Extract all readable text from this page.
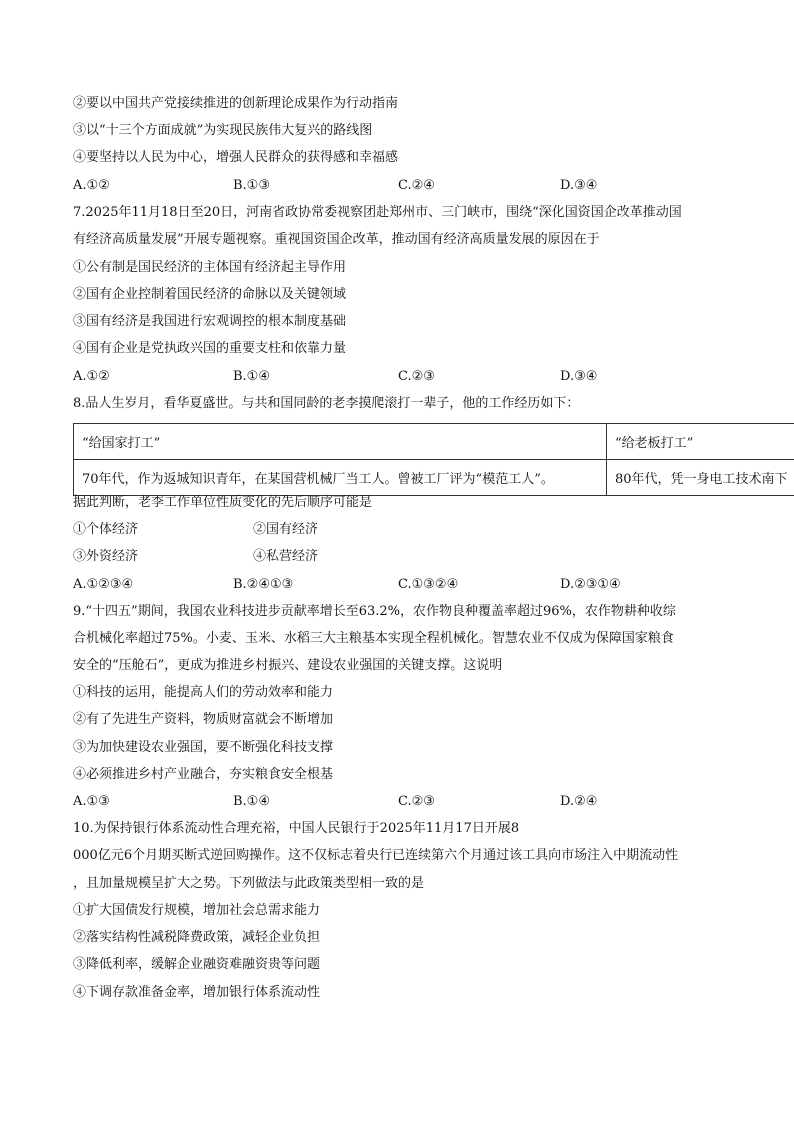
②要以中国共产党接续推进的创新理论成果作为行动指南
③以“十三个方面成就”为实现民族伟大复兴的路线图
④要坚持以人民为中心，增强人民群众的获得感和幸福感
A.①②	B.①③	C.②④	D.③④
7.2025年11月18日至20日，河南省政协常委视察团赴郑州市、三门峡市，围绕“深化国资国企改革推动国
有经济高质量发展”开展专题视察。重视国资国企改革，推动国有经济高质量发展的原因在于
①公有制是国民经济的主体国有经济起主导作用
②国有企业控制着国民经济的命脉以及关键领域
③国有经济是我国进行宏观调控的根本制度基础
④国有企业是党执政兴国的重要支柱和依靠力量
A.①②	B.①④	C.②③	D.③④
8.品人生岁月，看华夏盛世。与共和国同龄的老李摸爬滚打一辈子，他的工作经历如下：
“给国家打工”	“给老板打工”
70年代，作为返城知识青年，在某国营机械厂当工人。曾被工厂评为“模范工人”。	80年代，凭一身电工技术南下
据此判断，老李工作单位性质变化的先后顺序可能是
①个体经济	②国有经济
③外资经济	④私营经济
A.①②③④	B.②④①③	C.①③②④	D.②③①④
9.“十四五”期间，我国农业科技进步贡献率增长至63.2%，农作物良种覆盖率超过96%，农作物耕种收综
合机械化率超过75%。小麦、玉米、水稻三大主粮基本实现全程机械化。智慧农业不仅成为保障国家粮食
安全的“压舱石”，更成为推进乡村振兴、建设农业强国的关键支撑。这说明
①科技的运用，能提高人们的劳动效率和能力
②有了先进生产资料，物质财富就会不断增加
③为加快建设农业强国，要不断强化科技支撑
④必须推进乡村产业融合，夯实粮食安全根基
A.①③	B.①④	C.②③	D.②④
10.为保持银行体系流动性合理充裕，中国人民银行于2025年11月17日开展8
000亿元6个月期买断式逆回购操作。这不仅标志着央行已连续第六个月通过该工具向市场注入中期流动性
，且加量规模呈扩大之势。下列做法与此政策类型相一致的是
①扩大国债发行规模，增加社会总需求能力
②落实结构性减税降费政策，减轻企业负担
③降低利率，缓解企业融资难融资贵等问题
④下调存款准备金率，增加银行体系流动性
